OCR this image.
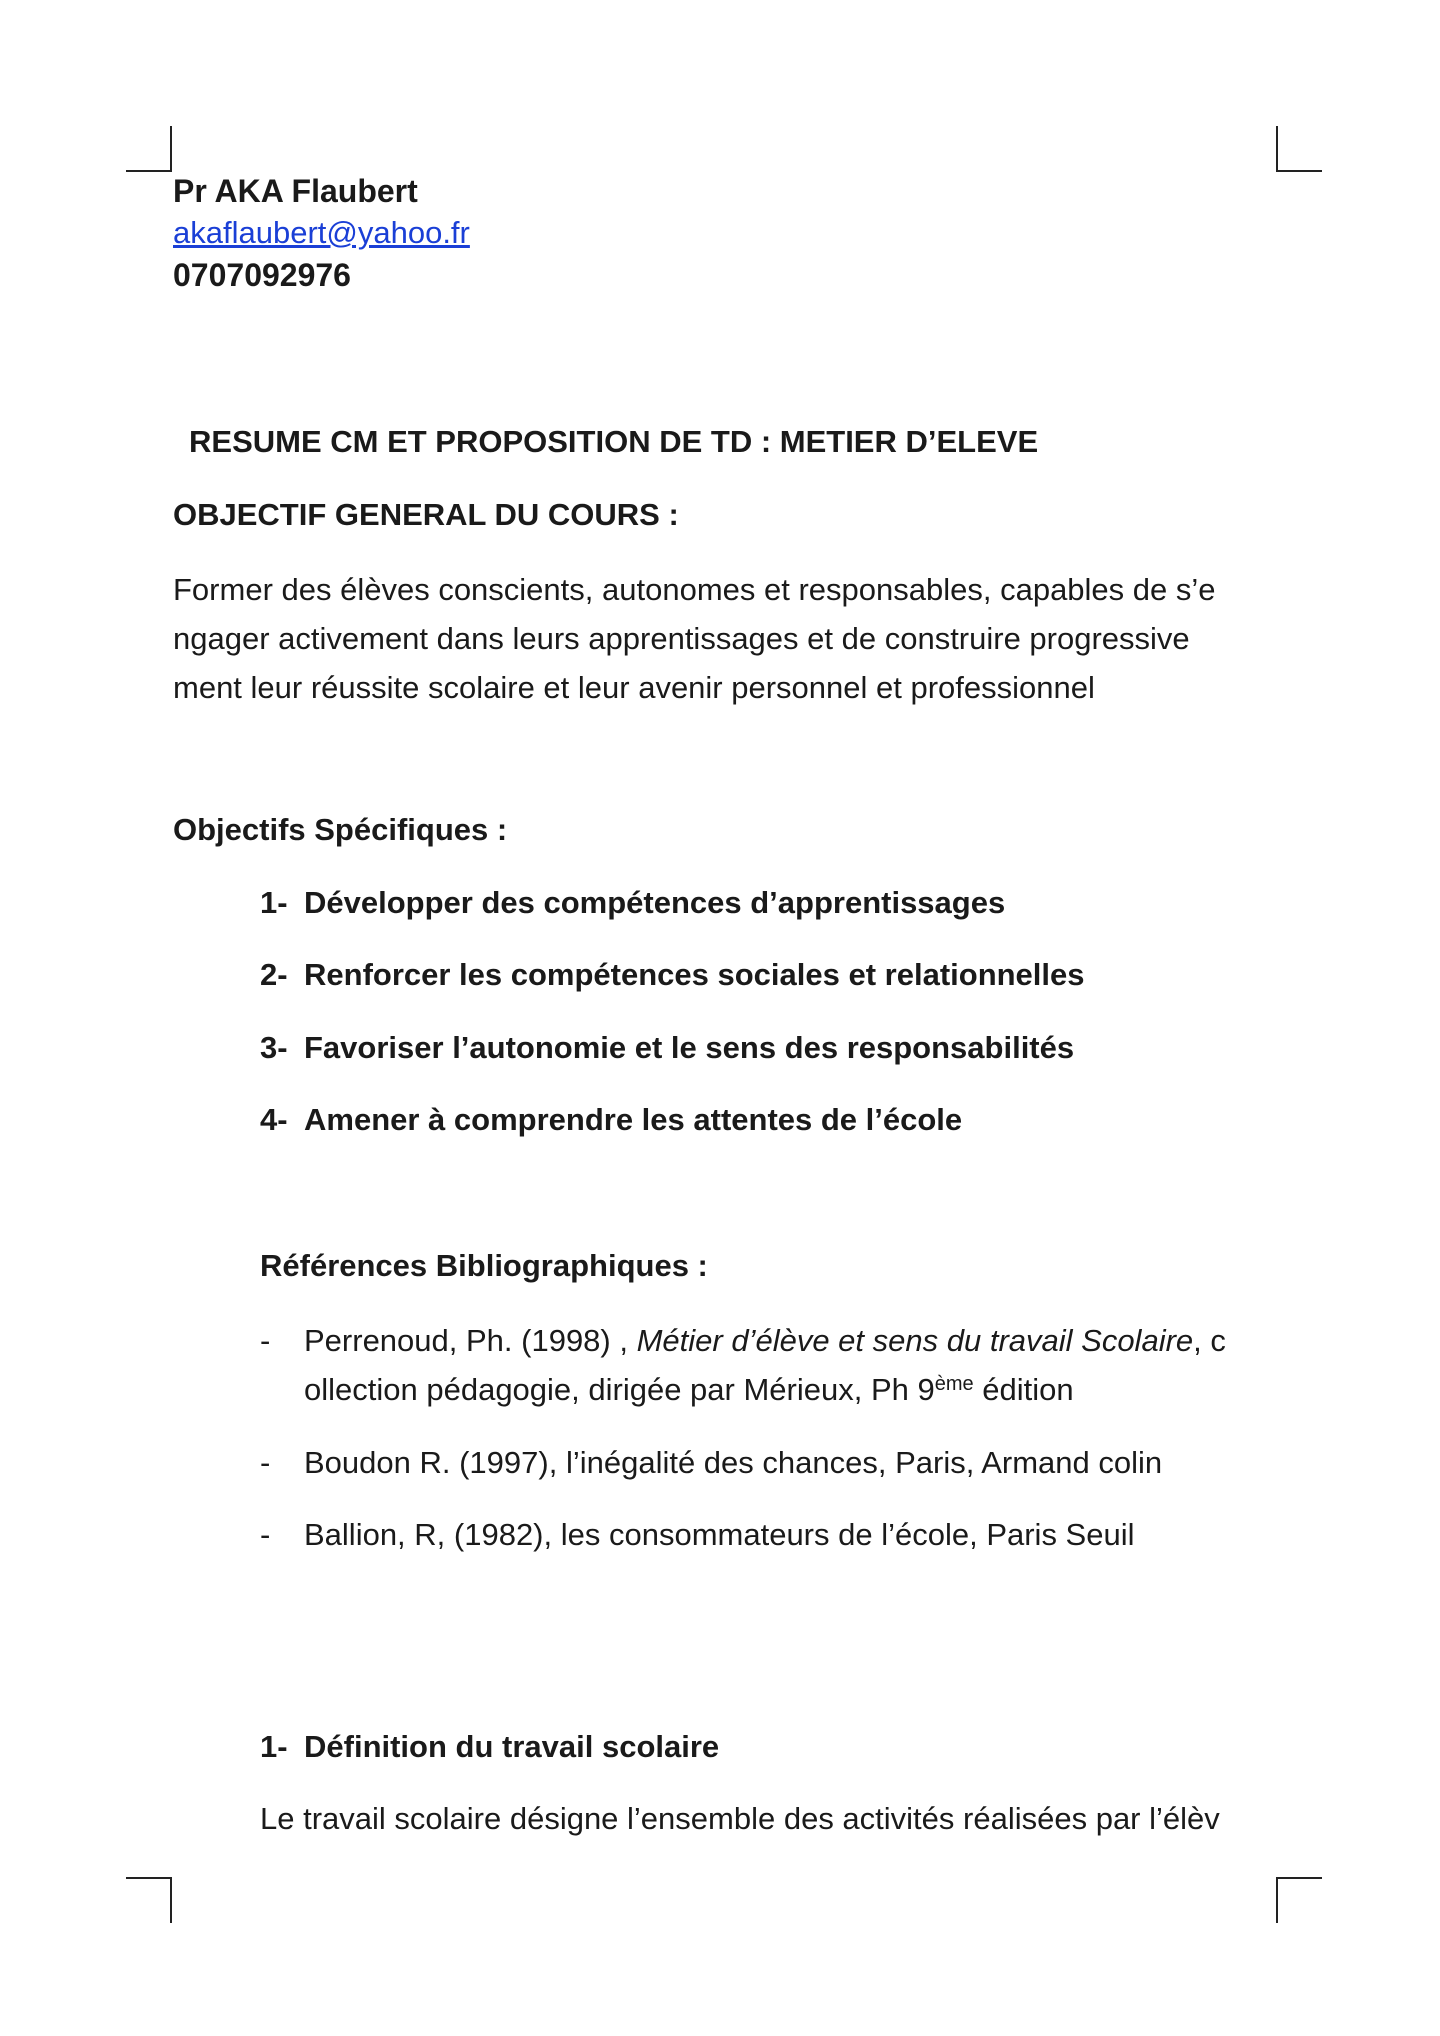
Pr AKA Flaubert
akaflaubert@yahoo.fr
0707092976
RESUME CM ET PROPOSITION DE TD : METIER D’ELEVE
OBJECTIF GENERAL DU COURS :
Former des élèves conscients, autonomes et responsables, capables de s’e
ngager activement dans leurs apprentissages et de construire progressive
ment leur réussite scolaire et leur avenir personnel et professionnel
Objectifs Spécifiques :
1- Développer des compétences d’apprentissages
2- Renforcer les compétences sociales et relationnelles
3- Favoriser l’autonomie et le sens des responsabilités
4- Amener à comprendre les attentes de l’école
Références Bibliographiques :
- Perrenoud, Ph. (1998) , Métier d’élève et sens du travail Scolaire, c
ollection pédagogie, dirigée par Mérieux, Ph 9ème édition
- Boudon R. (1997), l’inégalité des chances, Paris, Armand colin
- Ballion, R, (1982), les consommateurs de l’école, Paris Seuil
1- Définition du travail scolaire
Le travail scolaire désigne l’ensemble des activités réalisées par l’élèv
